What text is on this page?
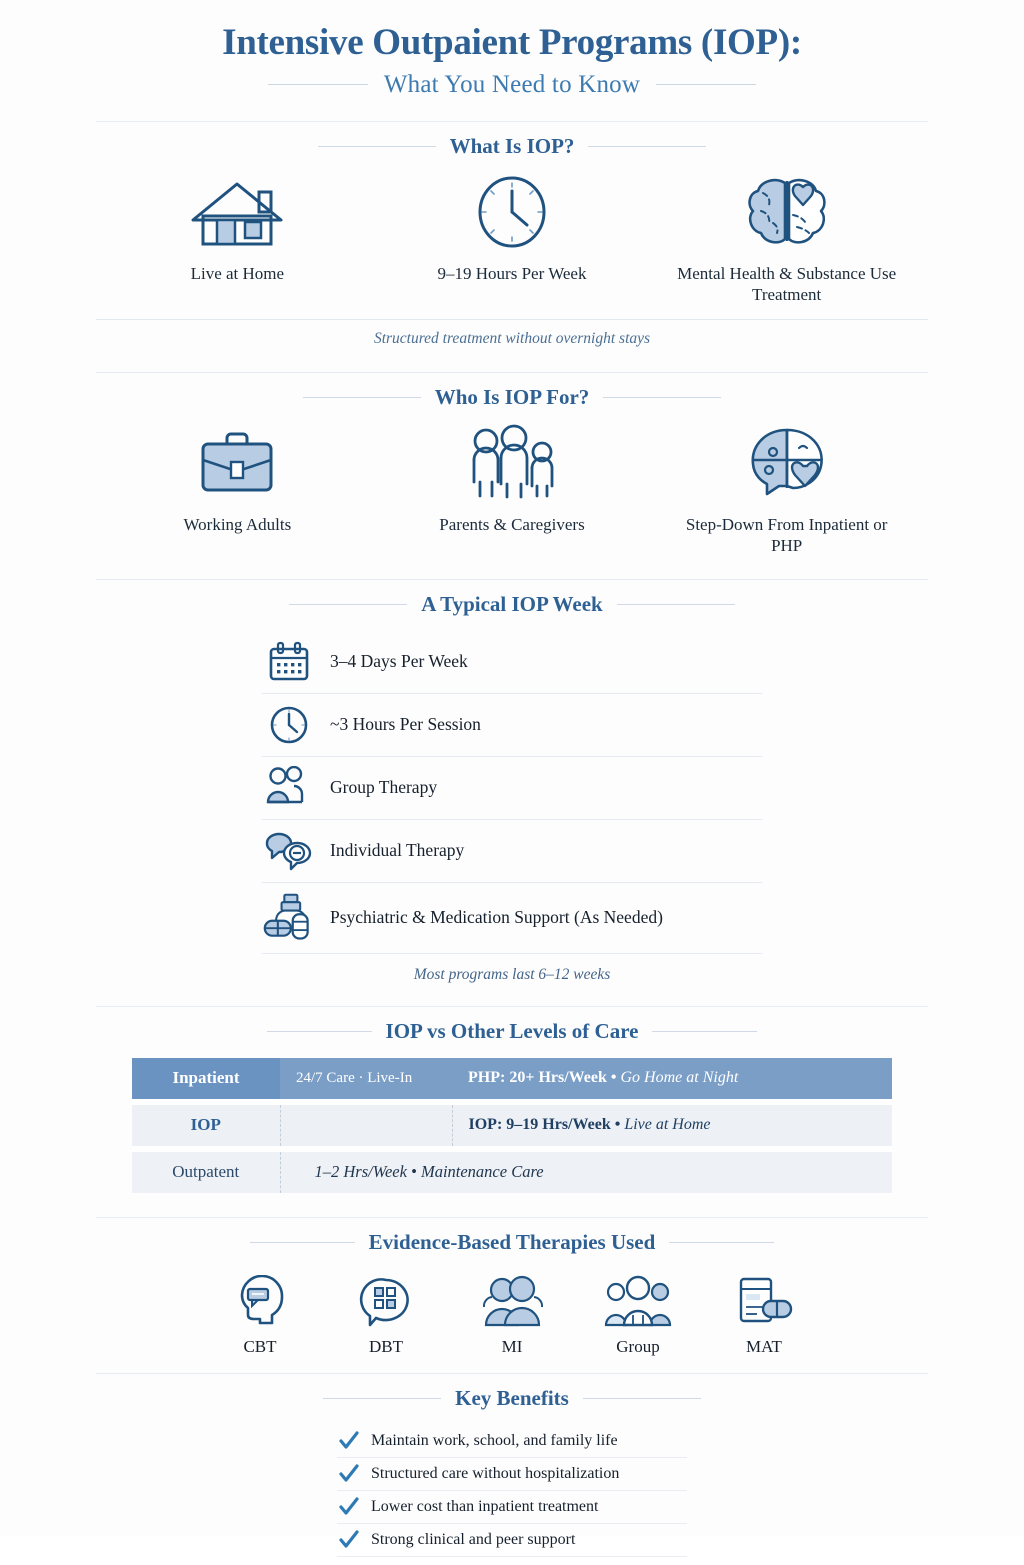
Intensive Outpaient Programs (IOP):
What You Need to Know
What Is IOP?
Live at Home	9–19 Hours Per Week	Mental Health & Substance Use Treatment
Structured treatment without overnight stays
Who Is IOP For?
Working Adults	Parents & Caregivers	Step-Down From Inpatient or PHP
A Typical IOP Week
3–4 Days Per Week
~3 Hours Per Session
Group Therapy
Individual Therapy
Psychiatric & Medication Support (As Needed)
Most programs last 6–12 weeks
IOP vs Other Levels of Care
Inpatient	24/7 Care · Live-In	PHP: 20+ Hrs/Week • Go Home at Night

IOP		IOP: 9–19 Hrs/Week • Live at Home

Outpatent	1–2 Hrs/Week • Maintenance Care	
Evidence-Based Therapies Used
CBT	DBT	MI	Group	MAT
Key Benefits
Maintain work, school, and family life
Structured care without hospitalization
Lower cost than inpatient treatment
Strong clinical and peer support
